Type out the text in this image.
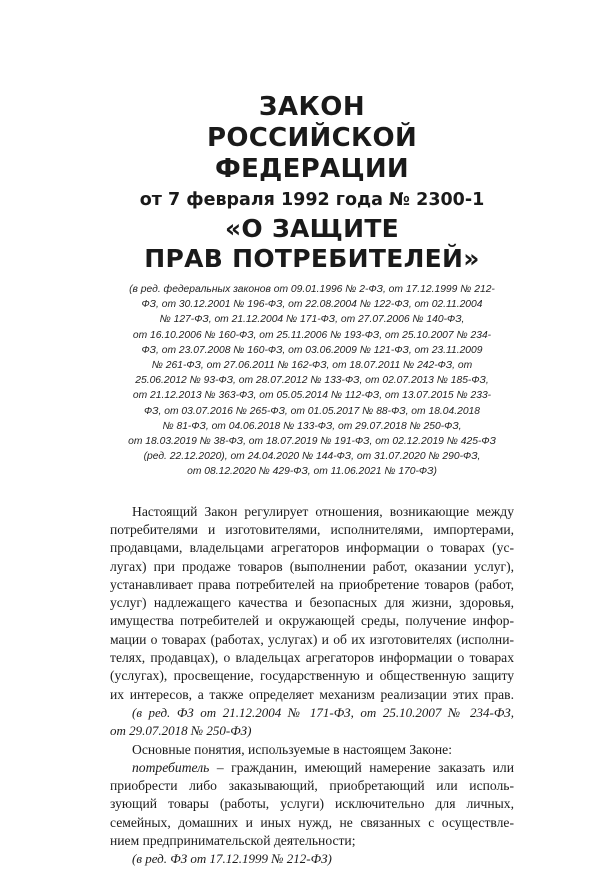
ЗАКОН
РОССИЙСКОЙ ФЕДЕРАЦИИ
от 7 февраля 1992 года № 2300-1
«О ЗАЩИТЕ
ПРАВ ПОТРЕБИТЕЛЕЙ»
(в ред. федеральных законов от 09.01.1996 № 2-ФЗ, от 17.12.1999 № 212-
ФЗ, от 30.12.2001 № 196-ФЗ, от 22.08.2004 № 122-ФЗ, от 02.11.2004
№ 127-ФЗ, от 21.12.2004 № 171-ФЗ, от 27.07.2006 № 140-ФЗ,
от 16.10.2006 № 160-ФЗ, от 25.11.2006 № 193-ФЗ, от 25.10.2007 № 234-
ФЗ, от 23.07.2008 № 160-ФЗ, от 03.06.2009 № 121-ФЗ, от 23.11.2009
№ 261-ФЗ, от 27.06.2011 № 162-ФЗ, от 18.07.2011 № 242-ФЗ, от
25.06.2012 № 93-ФЗ, от 28.07.2012 № 133-ФЗ, от 02.07.2013 № 185-ФЗ,
от 21.12.2013 № 363-ФЗ, от 05.05.2014 № 112-ФЗ, от 13.07.2015 № 233-
ФЗ, от 03.07.2016 № 265-ФЗ, от 01.05.2017 № 88-ФЗ, от 18.04.2018
№ 81-ФЗ, от 04.06.2018 № 133-ФЗ, от 29.07.2018 № 250-ФЗ,
от 18.03.2019 № 38-ФЗ, от 18.07.2019 № 191-ФЗ, от 02.12.2019 № 425-ФЗ
(ред. 22.12.2020), от 24.04.2020 № 144-ФЗ, от 31.07.2020 № 290-ФЗ,
от 08.12.2020 № 429-ФЗ, от 11.06.2021 № 170-ФЗ)
Настоящий Закон регулирует отношения, возникающие между
потребителями и изготовителями, исполнителями, импортерами,
продавцами, владельцами агрегаторов информации о товарах (ус-
лугах) при продаже товаров (выполнении работ, оказании услуг),
устанавливает права потребителей на приобретение товаров (работ,
услуг) надлежащего качества и безопасных для жизни, здоровья,
имущества потребителей и окружающей среды, получение инфор-
мации о товарах (работах, услугах) и об их изготовителях (исполни-
телях, продавцах), о владельцах агрегаторов информации о товарах
(услугах), просвещение, государственную и общественную защиту
их интересов, а также определяет механизм реализации этих прав.
(в ред. ФЗ от 21.12.2004 № 171-ФЗ, от 25.10.2007 № 234-ФЗ,
от 29.07.2018 № 250-ФЗ)
Основные понятия, используемые в настоящем Законе:
потребитель – гражданин, имеющий намерение заказать или
приобрести либо заказывающий, приобретающий или исполь-
зующий товары (работы, услуги) исключительно для личных,
семейных, домашних и иных нужд, не связанных с осуществле-
нием предпринимательской деятельности;
(в ред. ФЗ от 17.12.1999 № 212-ФЗ)
